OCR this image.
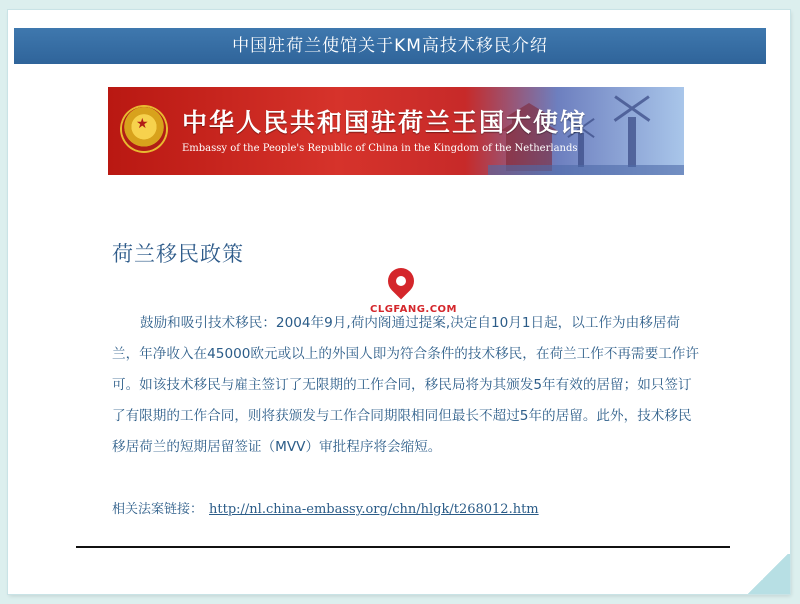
中国驻荷兰使馆关于KM高技术移民介绍
★ 中华人民共和国驻荷兰王国大使馆
Embassy of the People's Republic of China in the Kingdom of the Netherlands
荷兰移民政策
鼓励和吸引技术移民：2004年9月,荷内阁通过提案,决定自10月1日起，以工作为由移居荷兰，年净收入在45000欧元或以上的外国人即为符合条件的技术移民，在荷兰工作不再需要工作许可。如该技术移民与雇主签订了无限期的工作合同，移民局将为其颁发5年有效的居留；如只签订了有限期的工作合同，则将获颁发与工作合同期限相同但最长不超过5年的居留。此外，技术移民移居荷兰的短期居留签证（MVV）审批程序将会缩短。
CLGFANG.COM
相关法案链接： http://nl.china-embassy.org/chn/hlgk/t268012.htm
